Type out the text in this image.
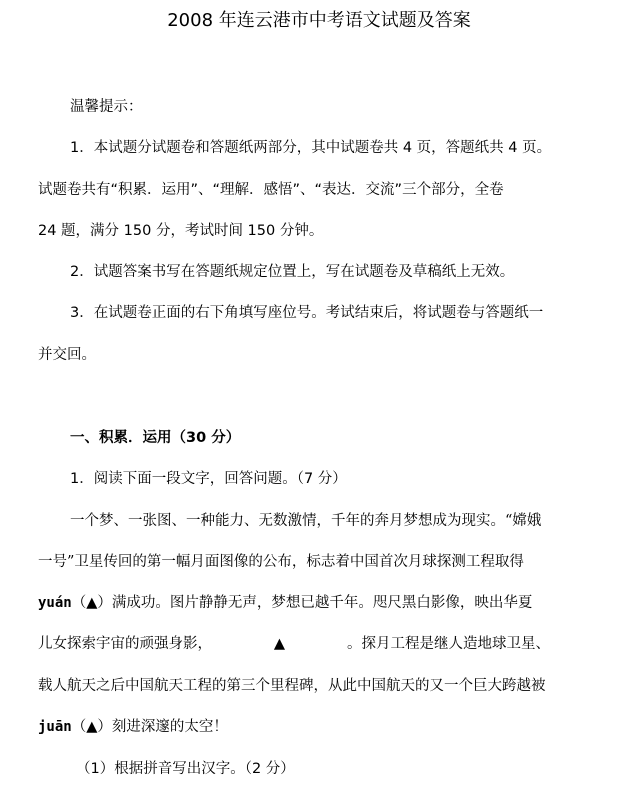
2008 年连云港市中考语文试题及答案
温馨提示：
1．本试题分试题卷和答题纸两部分，其中试题卷共 4 页，答题纸共 4 页。
试题卷共有“积累．运用”、“理解．感悟”、“表达．交流”三个部分，全卷
24 题，满分 150 分，考试时间 150 分钟。
2．试题答案书写在答题纸规定位置上，写在试题卷及草稿纸上无效。
3．在试题卷正面的右下角填写座位号。考试结束后，将试题卷与答题纸一
并交回。
一、积累．运用（30 分）
1．阅读下面一段文字，回答问题。（7 分）
一个梦、一张图、一种能力、无数激情，千年的奔月梦想成为现实。“嫦娥
一号”卫星传回的第一幅月面图像的公布，标志着中国首次月球探测工程取得
yuán（▲）满成功。图片静静无声，梦想已越千年。咫尺黑白影像，映出华夏
儿女探索宇宙的顽强身影，	▲	。探月工程是继人造地球卫星、
载人航天之后中国航天工程的第三个里程碑，从此中国航天的又一个巨大跨越被
juān（▲）刻进深邃的太空！
（1）根据拼音写出汉字。（2 分）
